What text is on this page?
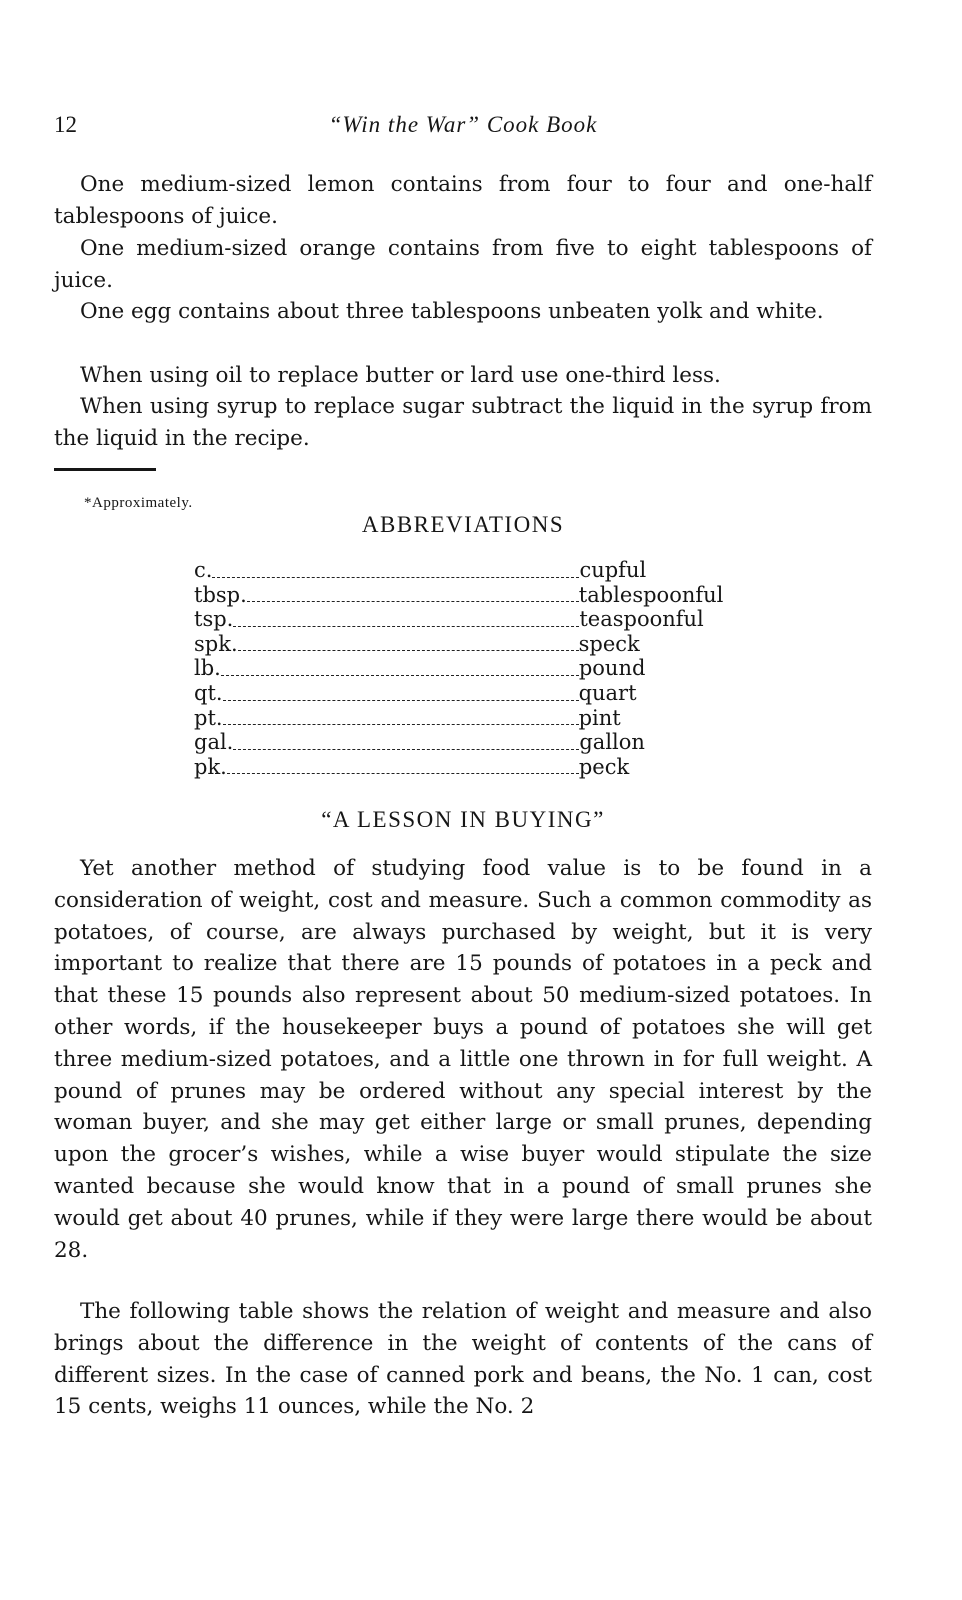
12	“Win the War” Cook Book

One medium-sized lemon contains from four to four and one-half tablespoons of juice.

One medium-sized orange contains from five to eight tablespoons of juice.

One egg contains about three tablespoons unbeaten yolk and white.

When using oil to replace butter or lard use one-third less.

When using syrup to replace sugar subtract the liquid in the syrup from the liquid in the recipe.

*Approximately.
ABBREVIATIONS
c.	cupful
tbsp.	tablespoonful
tsp.	teaspoonful
spk.	speck
lb.	pound
qt.	quart
pt.	pint
gal.	gallon
pk.	peck
“A LESSON IN BUYING”

Yet another method of studying food value is to be found in a consideration of weight, cost and measure. Such a common commodity as potatoes, of course, are always purchased by weight, but it is very important to realize that there are 15 pounds of potatoes in a peck and that these 15 pounds also represent about 50 medium-sized potatoes. In other words, if the housekeeper buys a pound of potatoes she will get three medium-sized potatoes, and a little one thrown in for full weight. A pound of prunes may be ordered without any special interest by the woman buyer, and she may get either large or small prunes, depending upon the grocer’s wishes, while a wise buyer would stipulate the size wanted because she would know that in a pound of small prunes she would get about 40 prunes, while if they were large there would be about 28.

The following table shows the relation of weight and measure and also brings about the difference in the weight of contents of the cans of different sizes. In the case of canned pork and beans, the No. 1 can, cost 15 cents, weighs 11 ounces, while the No. 2
